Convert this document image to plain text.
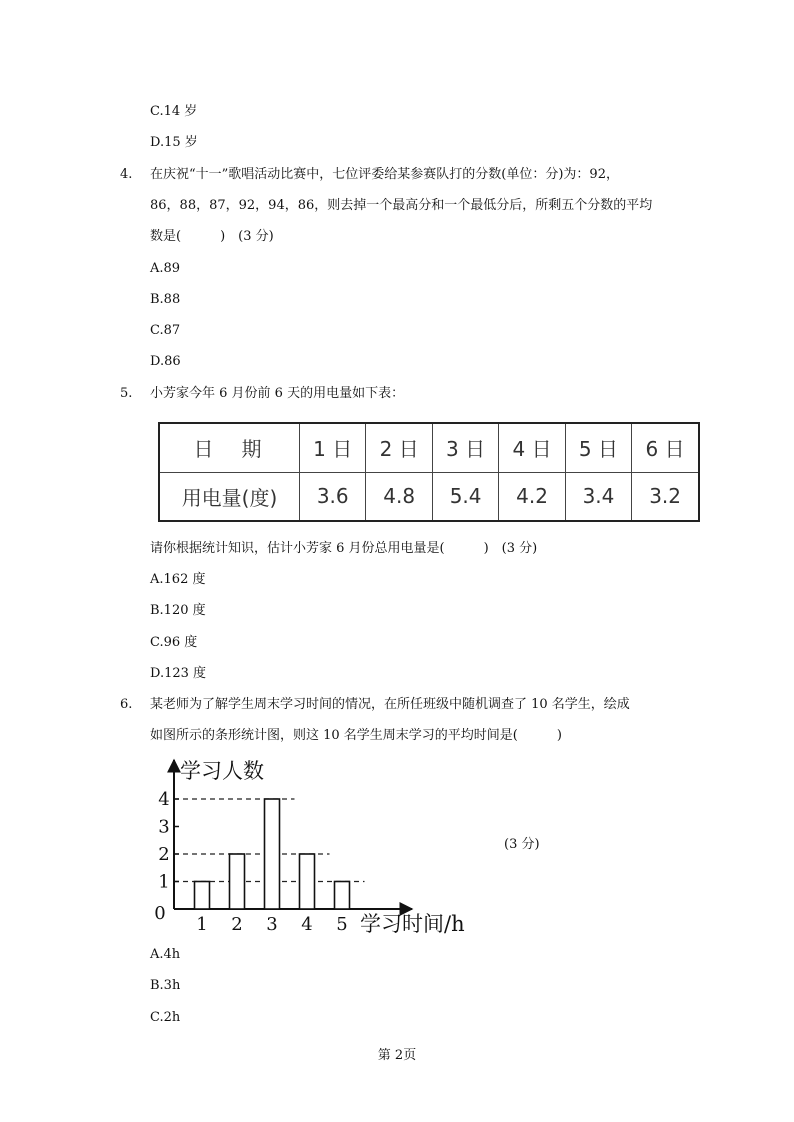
C.14 岁
D.15 岁
4. 在庆祝“十一”歌唱活动比赛中，七位评委给某参赛队打的分数(单位：分)为：92，
86，88，87，92，94，86，则去掉一个最高分和一个最低分后，所剩五个分数的平均
数是(　　　)　(3 分)
A.89
B.88
C.87
D.86
5. 小芳家今年 6 月份前 6 天的用电量如下表：
日　期	1 日	2 日	3 日	4 日	5 日	6 日
用电量(度)	3.6	4.8	5.4	4.2	3.4	3.2
请你根据统计知识，估计小芳家 6 月份总用电量是(　　　)　(3 分)
A.162 度
B.120 度
C.96 度
D.123 度
6. 某老师为了解学生周末学习时间的情况，在所任班级中随机调查了 10 名学生，绘成
如图所示的条形统计图，则这 10 名学生周末学习的平均时间是(　　　)
学习人数
学习时间/h
0
1
2
3
4
1 2 3 4 5
(3 分)
A.4h
B.3h
C.2h
第 2页
